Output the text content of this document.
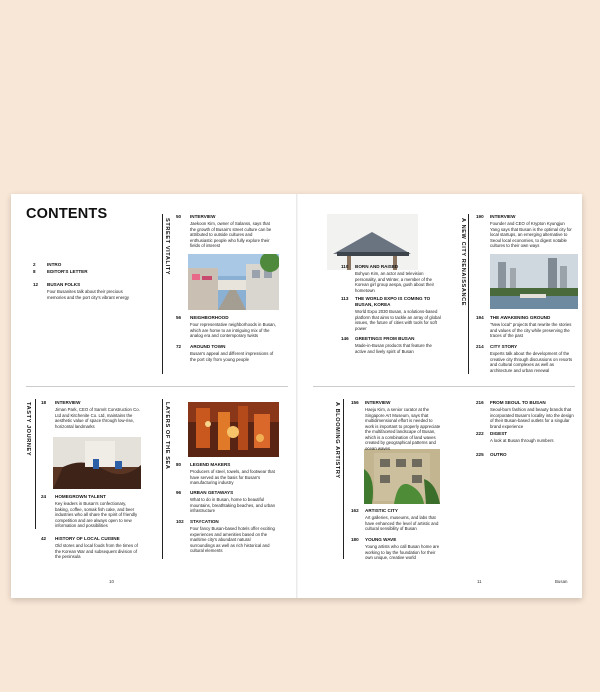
CONTENTS
STREET VITALITY
TASTY JOURNEY	LAYERS OF THE SEA
10
A NEW CITY RENAISSANCE
A BLOOMING ARTISTRY
11	Busan
2 INTRO
8 EDITOR'S LETTER
12 BUSAN FOLKS
Four Busanites talk about their precious memories and the port city's vibrant energy
50 INTERVIEW
Jaekoon Kim, owner of Salanss, says that the growth of Busan's street culture can be attributed to outside cultures and enthusiastic people who fully explore their fields of interest
56 NEIGHBORHOOD
Four representative neighborhoods in Busan, which are home to an intriguing mix of the analog era and contemporary twists
72 AROUND TOWN
Busan's appeal and different impressions of the port city from young people
18 INTERVIEW
Jiman Park, CEO of Samrit Construction Co. Ltd and Kitchenite Co. Ltd, maintains the aesthetic value of space through low-rise, horizontal landmarks
24 HOMEGROWN TALENT
Key leaders in Busan's confectionary, baking, coffee, somak fish cake, and beer industries who all share the spirit of friendly competition and are always open to new information and possibilities
42 HISTORY OF LOCAL CUISINE
Old stores and local foods from the times of the Korean War and subsequent division of the peninsula
80 LEGEND MAKERS
Producers of steel, towels, and footwear that have served as the basis for Busan's manufacturing industry
96 URBAN GETAWAYS
What to do in Busan, home to beautiful mountains, breathtaking beaches, and urban infrastructure
102 STAYCATION
Four fancy Busan-based hotels offer exciting experiences and amenities based on the maritime city's abundant natural surroundings as well as rich historical and cultural elements
110 BORN AND RAISED
Bohyun Kim, an actor and television personality, and Winter, a member of the Korean girl group aespa, gush about their hometown
113 THE WORLD EXPO IS COMING TO BUSAN, KOREA
World Expo 2030 Busan, a solutions-based platform that aims to tackle an array of global issues, the future of cities with tools for soft power
146 GREETINGS FROM BUSAN
Made-in-Busan products that feature the active and lively spirit of Busan
190 INTERVIEW
Founder and CEO of Krypton Kyungjun Yang says that Busan is the optimal city for local startups, an emerging alternative to Seoul local economies, to digest notable cultures to their own ways
194 THE AWAKENING GROUND
"New local" projects that rewrite the stories and values of the city while preserving the traces of the past
214 CITY STORY
Experts talk about the development of the creative city through discussions on resorts and cultural complexes as well as architecture and urban renewal
156 INTERVIEW
Haeju Kim, a senior curator at the Singapore Art Museum, says that multidimensional effort is needed to work is important to properly appreciate the multifaceted landscape of Busan, which is a combination of land waves created by geographical patterns and ocean waves
162 ARTISTIC CITY
Art galleries, museums, and labs that have enhanced the level of artistic and cultural sensibility of Busan
180 YOUNG WAVE
Young artists who call Busan home are working to lay the foundation for their own unique, creative world
216 FROM SEOUL TO BUSAN
Seoul-born fashion and beauty brands that incorporated Busan's locality into the design of their Busan-based outlets for a singular brand experience
222 DIGEST
A look at Busan through numbers
225 OUTRO
